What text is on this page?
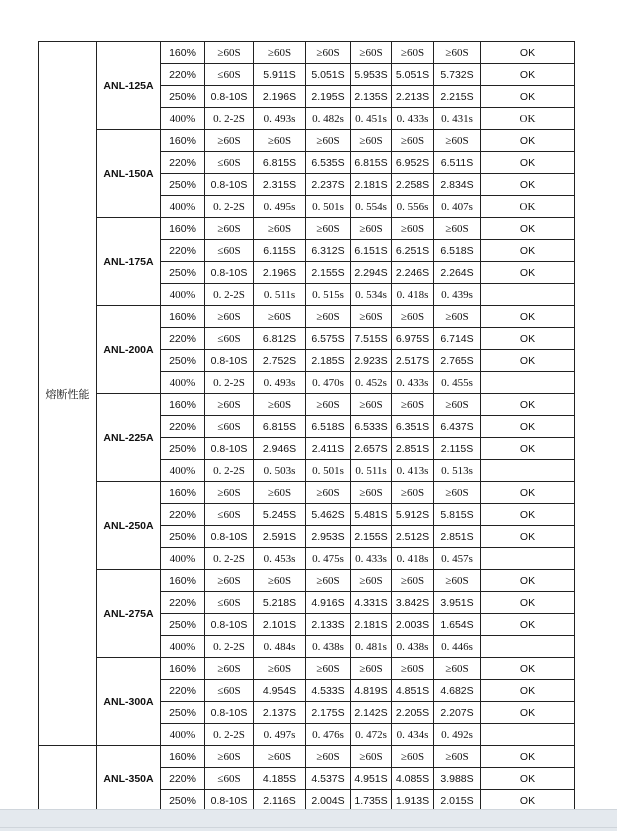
熔断性能	ANL-125A	160%	≥60S	≥60S	≥60S	≥60S	≥60S	≥60S	OK
		220%	≤60S	5.911S	5.051S	5.953S	5.051S	5.732S	OK
		250%	0.8-10S	2.196S	2.195S	2.135S	2.213S	2.215S	OK
		400%	0. 2-2S	0. 493s	0. 482s	0. 451s	0. 433s	0. 431s	OK
	ANL-150A	160%	≥60S	≥60S	≥60S	≥60S	≥60S	≥60S	OK
		220%	≤60S	6.815S	6.535S	6.815S	6.952S	6.511S	OK
		250%	0.8-10S	2.315S	2.237S	2.181S	2.258S	2.834S	OK
		400%	0. 2-2S	0. 495s	0. 501s	0. 554s	0. 556s	0. 407s	OK
	ANL-175A	160%	≥60S	≥60S	≥60S	≥60S	≥60S	≥60S	OK
		220%	≤60S	6.115S	6.312S	6.151S	6.251S	6.518S	OK
		250%	0.8-10S	2.196S	2.155S	2.294S	2.246S	2.264S	OK
		400%	0. 2-2S	0. 511s	0. 515s	0. 534s	0. 418s	0. 439s	
	ANL-200A	160%	≥60S	≥60S	≥60S	≥60S	≥60S	≥60S	OK
		220%	≤60S	6.812S	6.575S	7.515S	6.975S	6.714S	OK
		250%	0.8-10S	2.752S	2.185S	2.923S	2.517S	2.765S	OK
		400%	0. 2-2S	0. 493s	0. 470s	0. 452s	0. 433s	0. 455s	
	ANL-225A	160%	≥60S	≥60S	≥60S	≥60S	≥60S	≥60S	OK
		220%	≤60S	6.815S	6.518S	6.533S	6.351S	6.437S	OK
		250%	0.8-10S	2.946S	2.411S	2.657S	2.851S	2.115S	OK
		400%	0. 2-2S	0. 503s	0. 501s	0. 511s	0. 413s	0. 513s	
	ANL-250A	160%	≥60S	≥60S	≥60S	≥60S	≥60S	≥60S	OK
		220%	≤60S	5.245S	5.462S	5.481S	5.912S	5.815S	OK
		250%	0.8-10S	2.591S	2.953S	2.155S	2.512S	2.851S	OK
		400%	0. 2-2S	0. 453s	0. 475s	0. 433s	0. 418s	0. 457s	
	ANL-275A	160%	≥60S	≥60S	≥60S	≥60S	≥60S	≥60S	OK
		220%	≤60S	5.218S	4.916S	4.331S	3.842S	3.951S	OK
		250%	0.8-10S	2.101S	2.133S	2.181S	2.003S	1.654S	OK
		400%	0. 2-2S	0. 484s	0. 438s	0. 481s	0. 438s	0. 446s	
	ANL-300A	160%	≥60S	≥60S	≥60S	≥60S	≥60S	≥60S	OK
		220%	≤60S	4.954S	4.533S	4.819S	4.851S	4.682S	OK
		250%	0.8-10S	2.137S	2.175S	2.142S	2.205S	2.207S	OK
		400%	0. 2-2S	0. 497s	0. 476s	0. 472s	0. 434s	0. 492s	
	ANL-350A	160%	≥60S	≥60S	≥60S	≥60S	≥60S	≥60S	OK
		220%	≤60S	4.185S	4.537S	4.951S	4.085S	3.988S	OK
		250%	0.8-10S	2.116S	2.004S	1.735S	1.913S	2.015S	OK
